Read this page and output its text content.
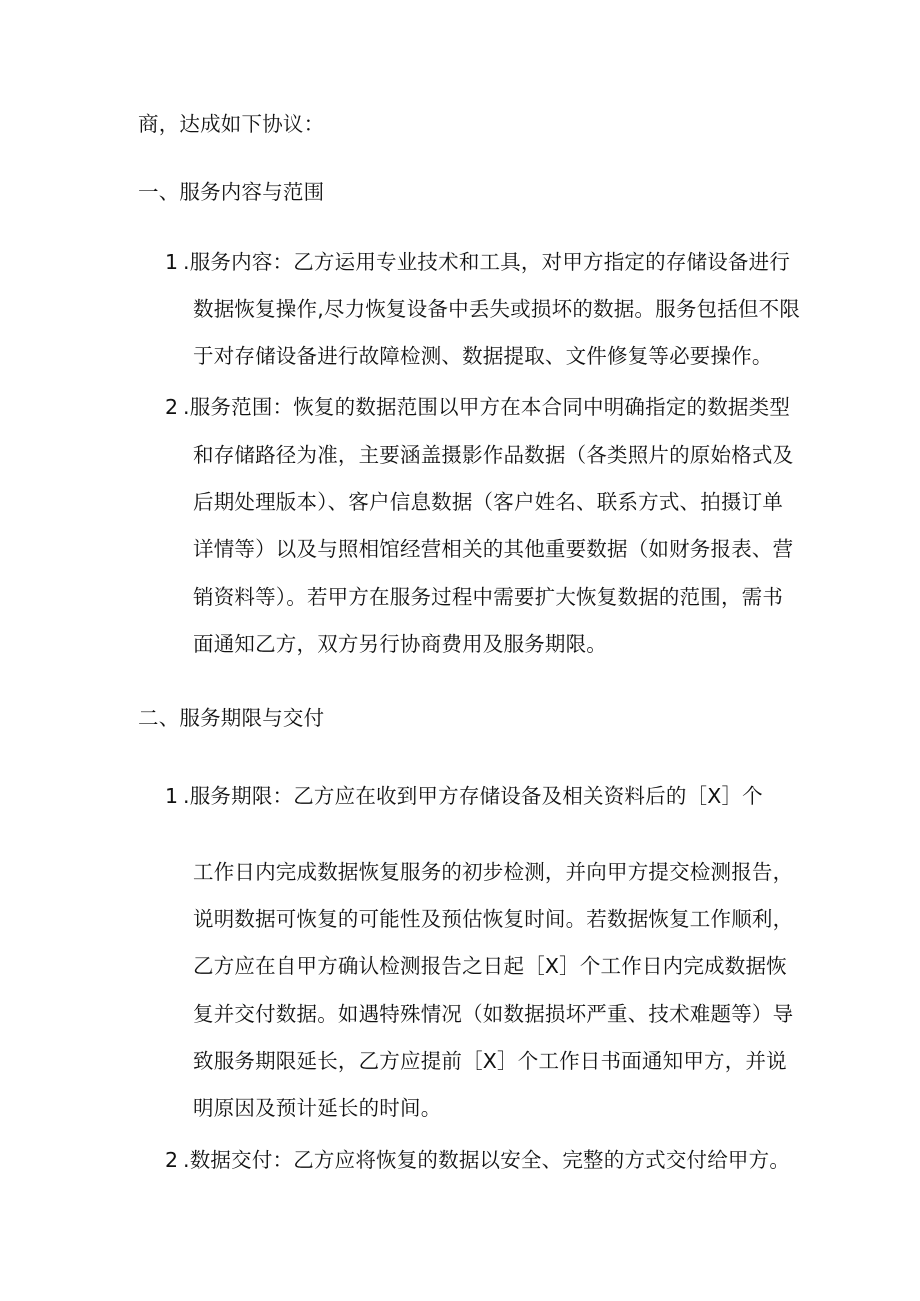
商，达成如下协议：
一、服务内容与范围
1 .服务内容：乙方运用专业技术和工具，对甲方指定的存储设备进行
数据恢复操作,尽力恢复设备中丢失或损坏的数据。服务包括但不限
于对存储设备进行故障检测、数据提取、文件修复等必要操作。
2 .服务范围：恢复的数据范围以甲方在本合同中明确指定的数据类型
和存储路径为准，主要涵盖摄影作品数据（各类照片的原始格式及
后期处理版本）、客户信息数据（客户姓名、联系方式、拍摄订单
详情等）以及与照相馆经营相关的其他重要数据（如财务报表、营
销资料等）。若甲方在服务过程中需要扩大恢复数据的范围，需书
面通知乙方，双方另行协商费用及服务期限。
二、服务期限与交付
1 .服务期限：乙方应在收到甲方存储设备及相关资料后的［X］个
工作日内完成数据恢复服务的初步检测，并向甲方提交检测报告，
说明数据可恢复的可能性及预估恢复时间。若数据恢复工作顺利，
乙方应在自甲方确认检测报告之日起［X］个工作日内完成数据恢
复并交付数据。如遇特殊情况（如数据损坏严重、技术难题等）导
致服务期限延长，乙方应提前［X］个工作日书面通知甲方，并说
明原因及预计延长的时间。
2 .数据交付：乙方应将恢复的数据以安全、完整的方式交付给甲方。
